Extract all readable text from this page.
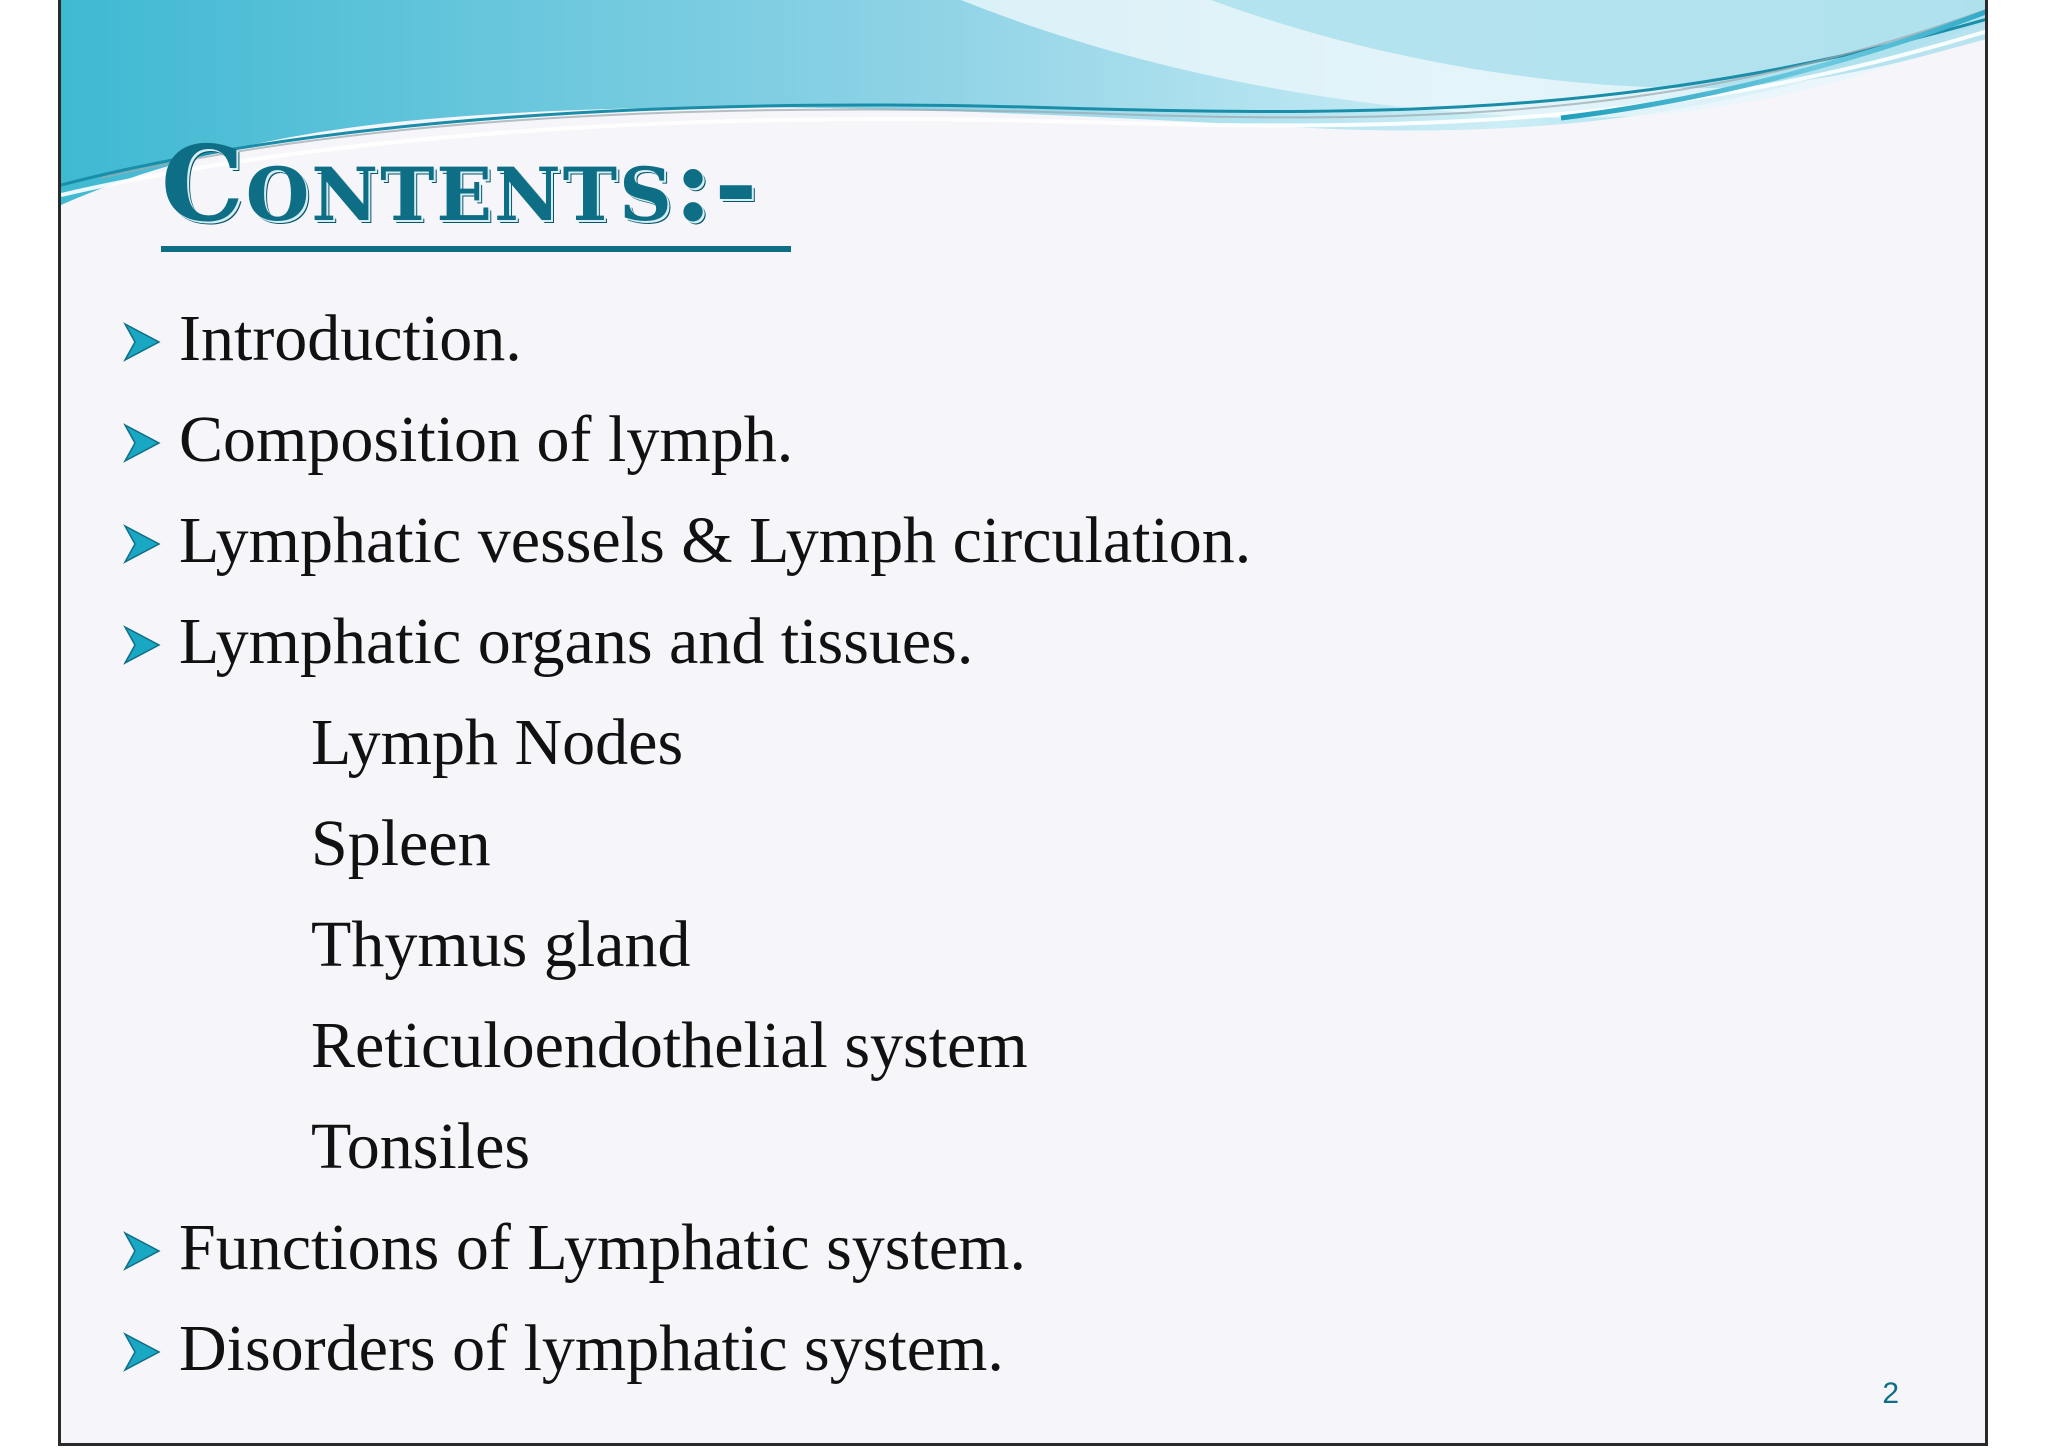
Contents:-
Introduction.
Composition of lymph.
Lymphatic vessels & Lymph circulation.
Lymphatic organs and tissues.
Lymph Nodes
Spleen
Thymus gland
Reticuloendothelial system
Tonsiles
Functions of Lymphatic system.
Disorders of lymphatic system.
2
